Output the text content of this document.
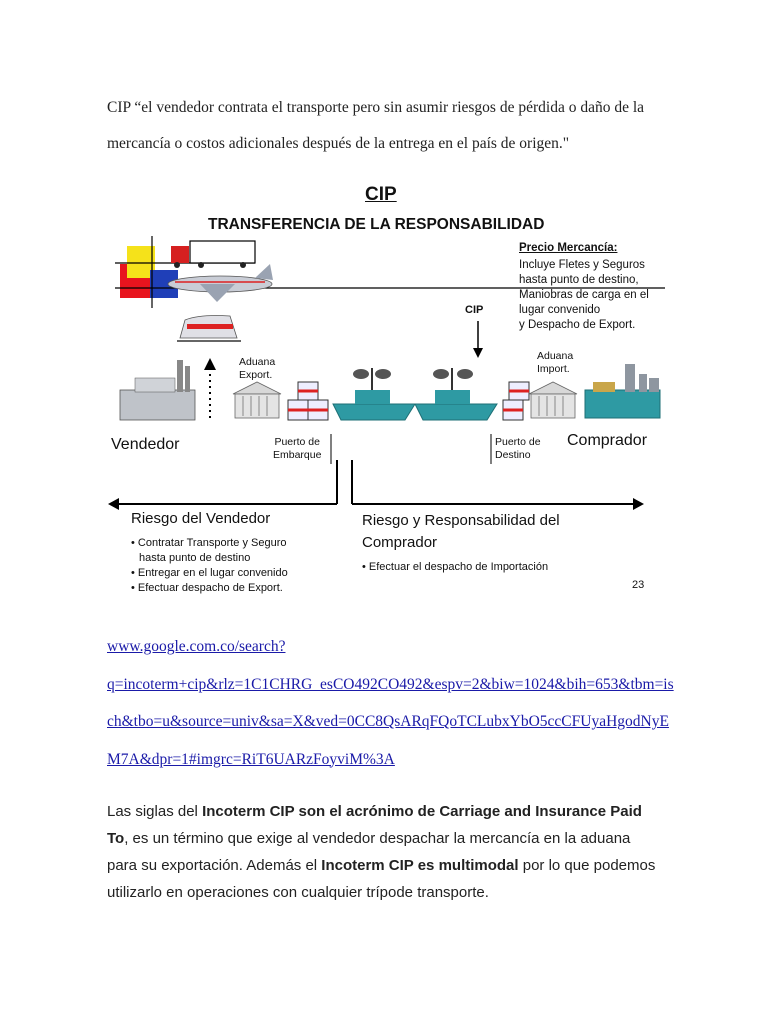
CIP “el vendedor contrata el transporte pero sin asumir riesgos de pérdida o daño de la
mercancía o costos adicionales después de la entrega en el país de origen."
CIP
TRANSFERENCIA DE LA RESPONSABILIDAD
Precio Mercancía:
Incluye Fletes y Seguros
hasta punto de destino,
Maniobras de carga en el
lugar convenido
y Despacho de Export.
CIP
Aduana
Export.
Aduana
Import.
Vendedor	Comprador
Puerto de
Embarque
Puerto de
Destino
Riesgo del Vendedor
• Contratar Transporte y Seguro
hasta punto de destino
• Entregar en el lugar convenido
• Efectuar despacho de Export.
Riesgo y Responsabilidad del
Comprador
• Efectuar el despacho de Importación
23
www.google.com.co/search?
q=incoterm+cip&rlz=1C1CHRG_esCO492CO492&espv=2&biw=1024&bih=653&tbm=is
ch&tbo=u&source=univ&sa=X&ved=0CC8QsARqFQoTCLubxYbO5ccCFUyaHgodNyE
M7A&dpr=1#imgrc=RiT6UARzFoyviM%3A
Las siglas del Incoterm CIP son el acrónimo de Carriage and Insurance Paid
To, es un término que exige al vendedor despachar la mercancía en la aduana
para su exportación. Además el Incoterm CIP es multimodal por lo que podemos
utilizarlo en operaciones con cualquier trípode transporte.
